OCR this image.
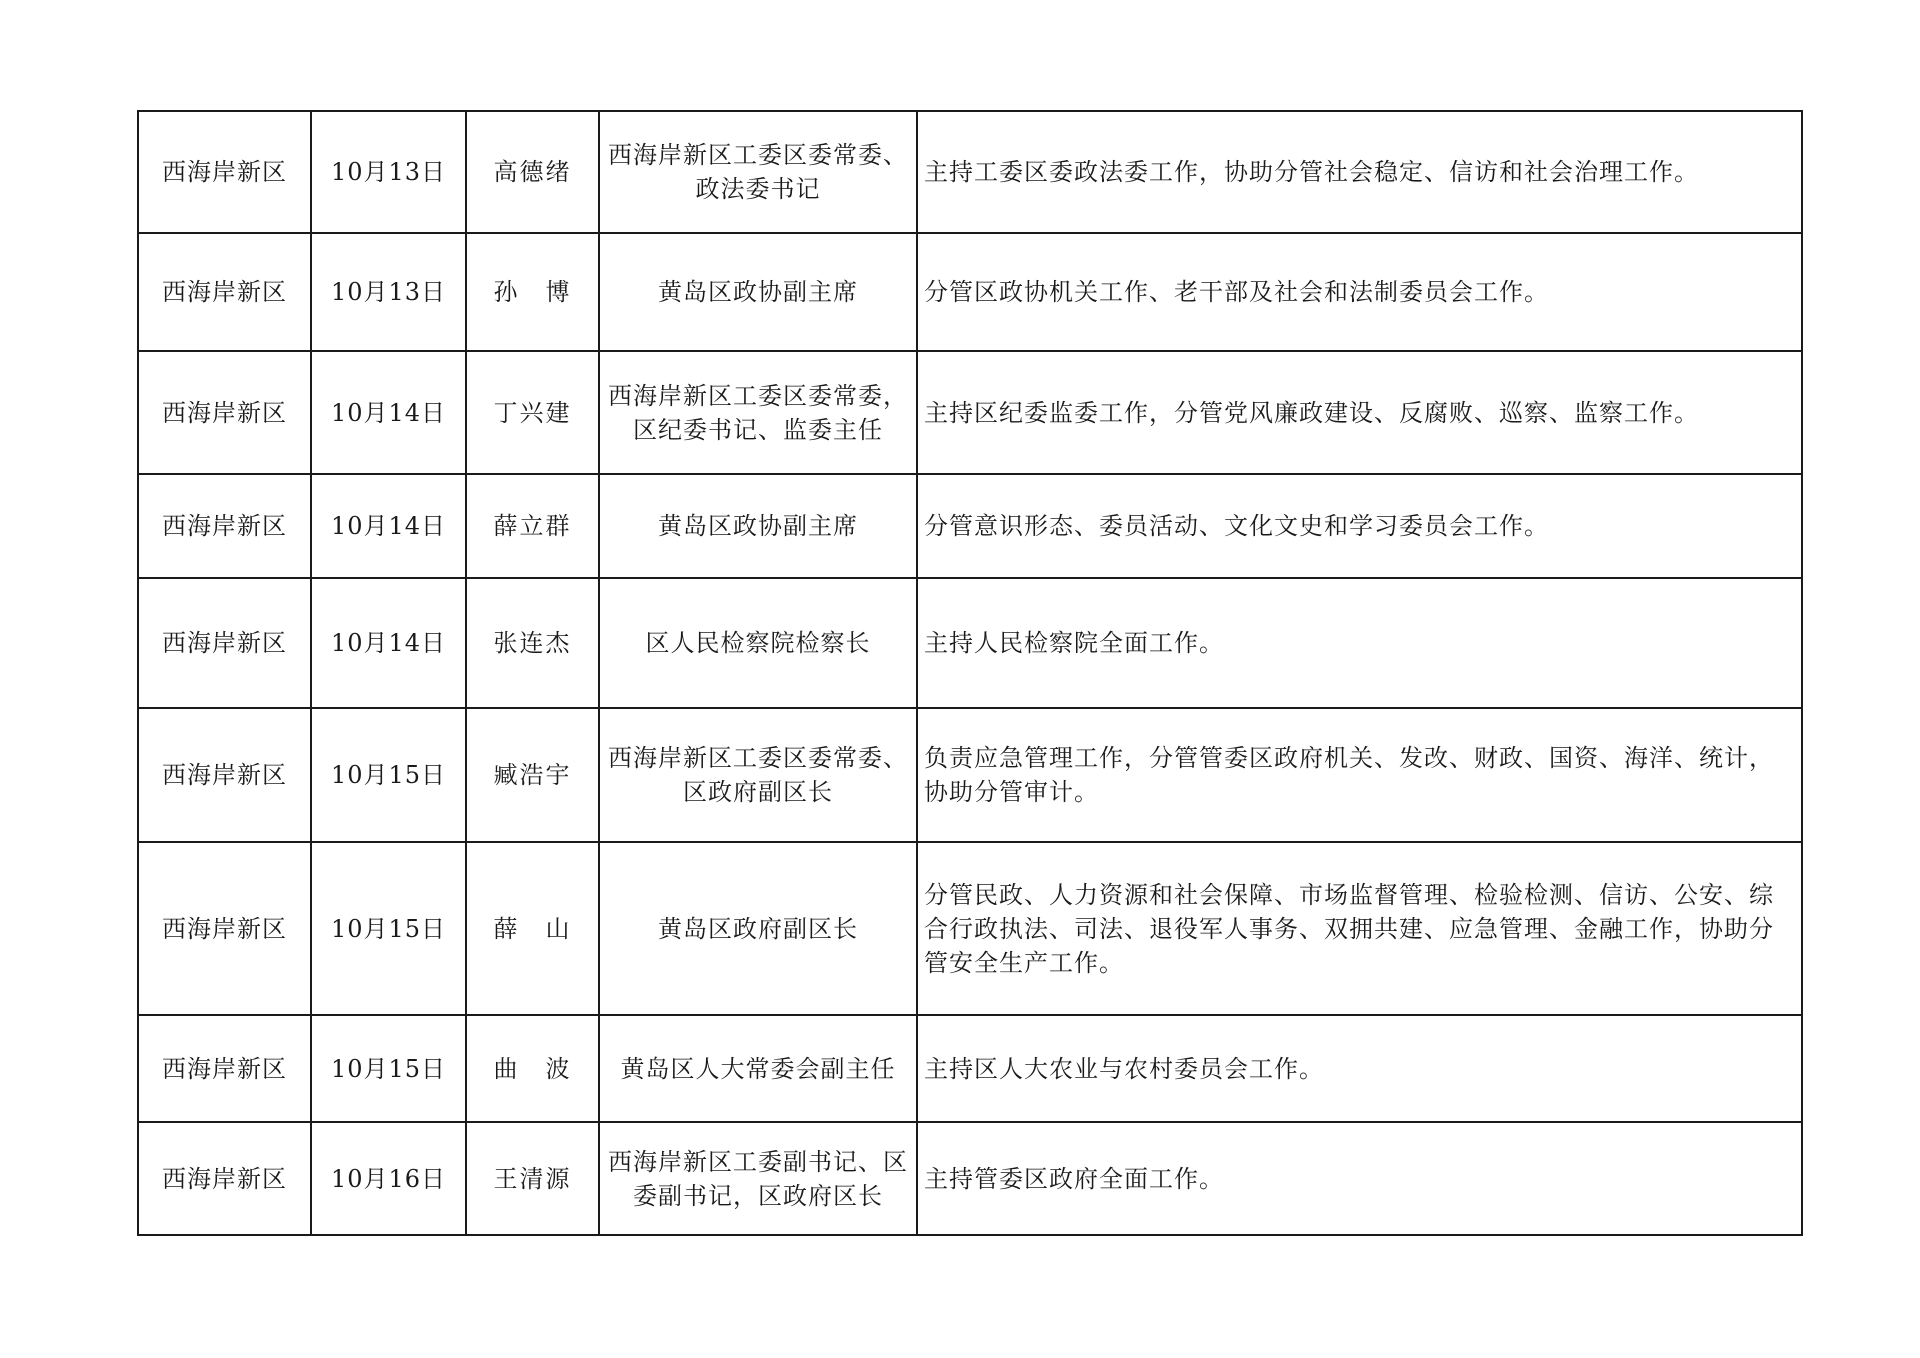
西海岸新区	10月13日	高德绪	西海岸新区工委区委常委、政法委书记	主持工委区委政法委工作，协助分管社会稳定、信访和社会治理工作。
西海岸新区	10月13日	孙　博	黄岛区政协副主席	分管区政协机关工作、老干部及社会和法制委员会工作。
西海岸新区	10月14日	丁兴建	西海岸新区工委区委常委，区纪委书记、监委主任	主持区纪委监委工作，分管党风廉政建设、反腐败、巡察、监察工作。
西海岸新区	10月14日	薛立群	黄岛区政协副主席	分管意识形态、委员活动、文化文史和学习委员会工作。
西海岸新区	10月14日	张连杰	区人民检察院检察长	主持人民检察院全面工作。
西海岸新区	10月15日	臧浩宇	西海岸新区工委区委常委、区政府副区长	负责应急管理工作，分管管委区政府机关、发改、财政、国资、海洋、统计，协助分管审计。
西海岸新区	10月15日	薛　山	黄岛区政府副区长	分管民政、人力资源和社会保障、市场监督管理、检验检测、信访、公安、综合行政执法、司法、退役军人事务、双拥共建、应急管理、金融工作，协助分管安全生产工作。
西海岸新区	10月15日	曲　波	黄岛区人大常委会副主任	主持区人大农业与农村委员会工作。
西海岸新区	10月16日	王清源	西海岸新区工委副书记、区委副书记，区政府区长	主持管委区政府全面工作。
